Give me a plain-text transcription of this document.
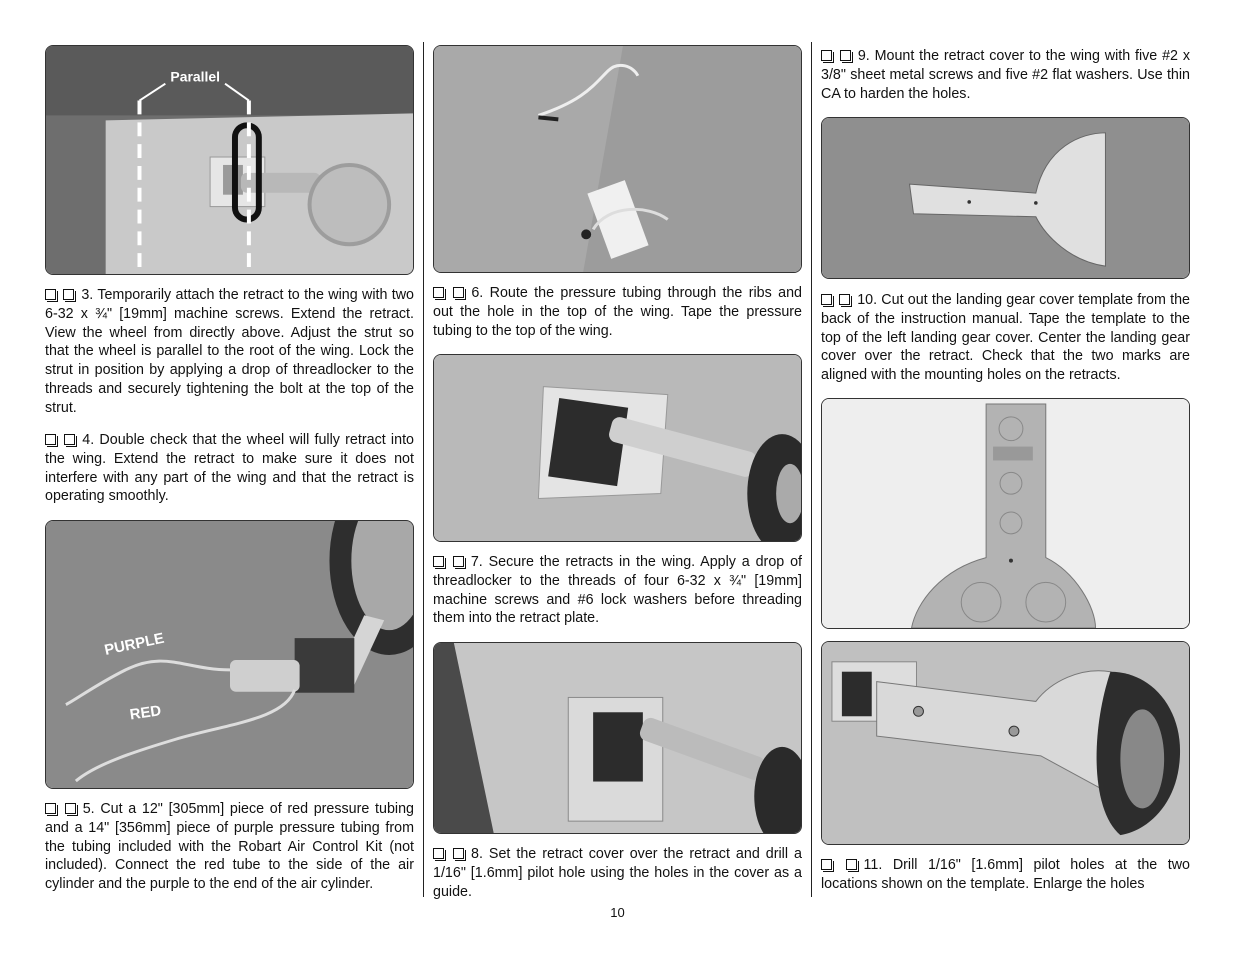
Parallel

3. Temporarily attach the retract to the wing with two 6-32 x ¾" [19mm] machine screws. Extend the retract. View the wheel from directly above. Adjust the strut so that the wheel is parallel to the root of the wing. Lock the strut in position by applying a drop of threadlocker to the threads and securely tightening the bolt at the top of the strut.

4. Double check that the wheel will fully retract into the wing. Extend the retract to make sure it does not interfere with any part of the wing and that the retract is operating smoothly.

PURPLE
RED

5. Cut a 12" [305mm] piece of red pressure tubing and a 14" [356mm] piece of purple pressure tubing from the tubing included with the Robart Air Control Kit (not included). Connect the red tube to the side of the air cylinder and the purple to the end of the air cylinder.

6. Route the pressure tubing through the ribs and out the hole in the top of the wing. Tape the pressure tubing to the top of the wing.

7. Secure the retracts in the wing. Apply a drop of threadlocker to the threads of four 6-32 x ¾" [19mm] machine screws and #6 lock washers before threading them into the retract plate.

8. Set the retract cover over the retract and drill a 1/16" [1.6mm] pilot hole using the holes in the cover as a guide.

9. Mount the retract cover to the wing with five #2 x 3/8" sheet metal screws and five #2 flat washers. Use thin CA to harden the holes.

10. Cut out the landing gear cover template from the back of the instruction manual. Tape the template to the top of the left landing gear cover. Center the landing gear cover over the retract. Check that the two marks are aligned with the mounting holes on the retracts.

11. Drill 1/16" [1.6mm] pilot holes at the two locations shown on the template. Enlarge the holes

10
